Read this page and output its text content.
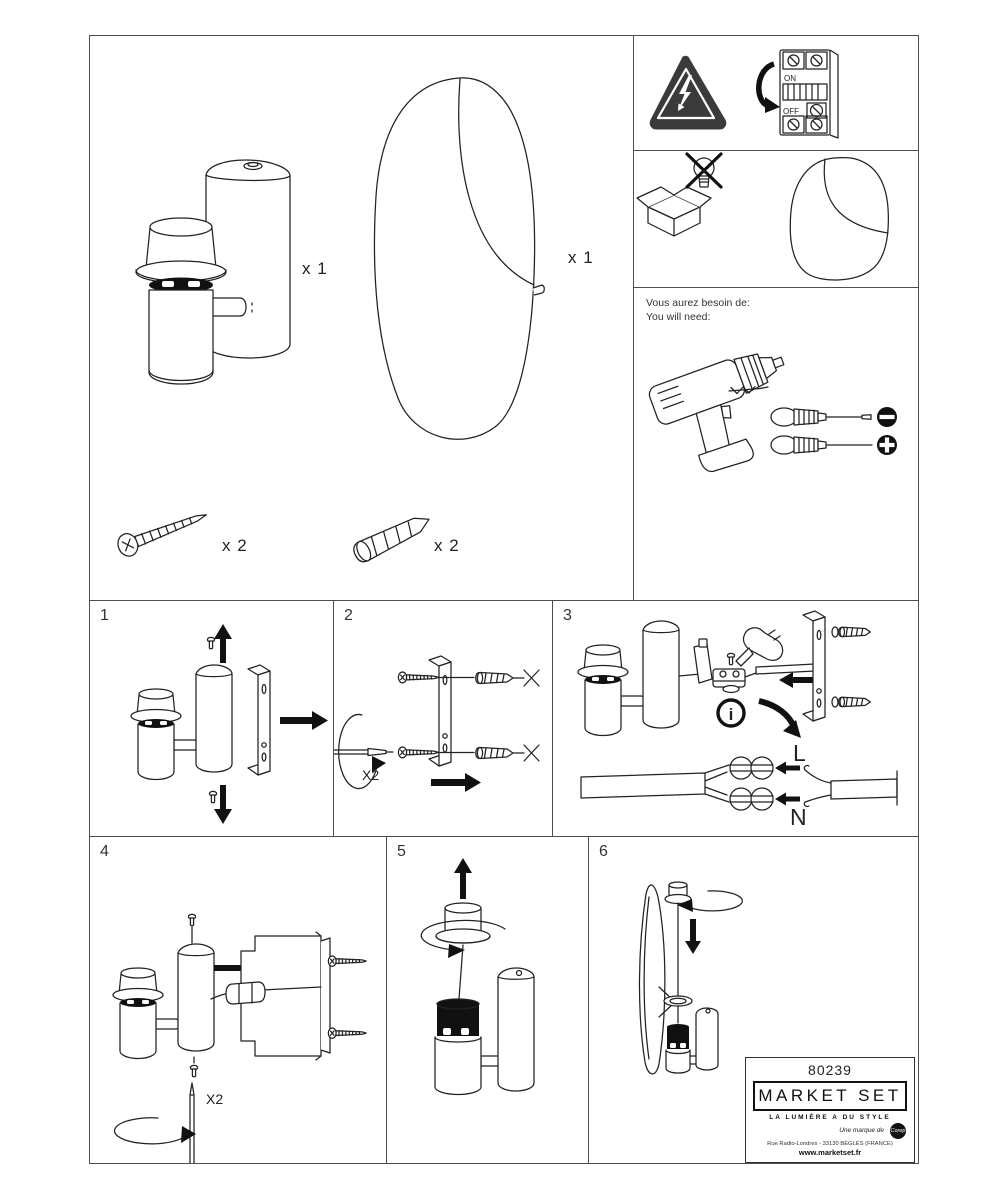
x 1
x 1
x 2	x 2
ON
OFF
Vous aurez besoin de:
You will need:
1	2
X2
3
i
L
N
4
X2
5	6
80239
MARKET SET
LA LUMIÈRE A DU STYLE
Une marque de Corep
Rue Radio-Londres - 33130 BÈGLES (FRANCE)
www.marketset.fr
